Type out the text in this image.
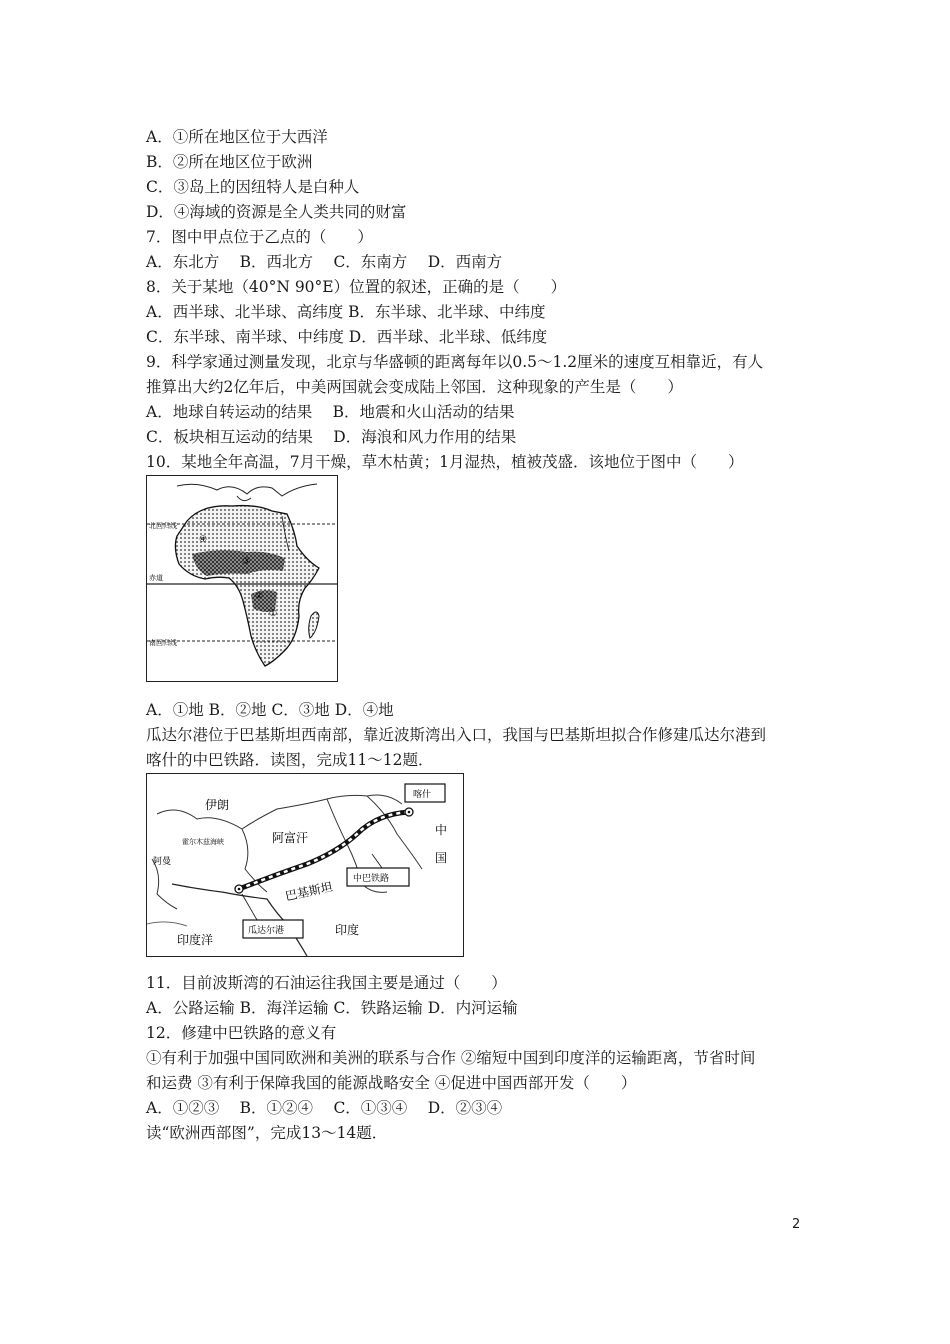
A．①所在地区位于大西洋
B．②所在地区位于欧洲
C．③岛上的因纽特人是白种人
D．④海域的资源是全人类共同的财富
7．图中甲点位于乙点的（　　）
A．东北方　 B．西北方　 C．东南方　 D．西南方
8．关于某地（40°N 90°E）位置的叙述，正确的是（　　）
A．西半球、北半球、高纬度 B．东半球、北半球、中纬度
C．东半球、南半球、中纬度 D．西半球、北半球、低纬度
9．科学家通过测量发现，北京与华盛顿的距离每年以0.5～1.2厘米的速度互相靠近，有人
推算出大约2亿年后，中美两国就会变成陆上邻国．这种现象的产生是（　　）
A．地球自转运动的结果　 B．地震和火山活动的结果
C．板块相互运动的结果　 D．海浪和风力作用的结果
10．某地全年高温，7月干燥，草木枯黄；1月湿热，植被茂盛．该地位于图中（　　）
北回归线
赤道
南回归线
④
③
②
①
A．①地 B．②地 C．③地 D．④地
瓜达尔港位于巴基斯坦西南部，靠近波斯湾出入口，我国与巴基斯坦拟合作修建瓜达尔港到
喀什的中巴铁路．读图，完成11～12题．
伊朗
阿富汗
霍尔木兹海峡
阿曼
巴基斯坦
中巴铁路
喀什
中
国
印度
印度洋
瓜达尔港
11．目前波斯湾的石油运往我国主要是通过（　　）
A．公路运输 B．海洋运输 C．铁路运输 D．内河运输
12．修建中巴铁路的意义有
①有利于加强中国同欧洲和美洲的联系与合作 ②缩短中国到印度洋的运输距离，节省时间
和运费 ③有利于保障我国的能源战略安全 ④促进中国西部开发（　　）
A．①②③　 B．①②④　 C．①③④　 D．②③④
读“欧洲西部图”，完成13～14题．
2
